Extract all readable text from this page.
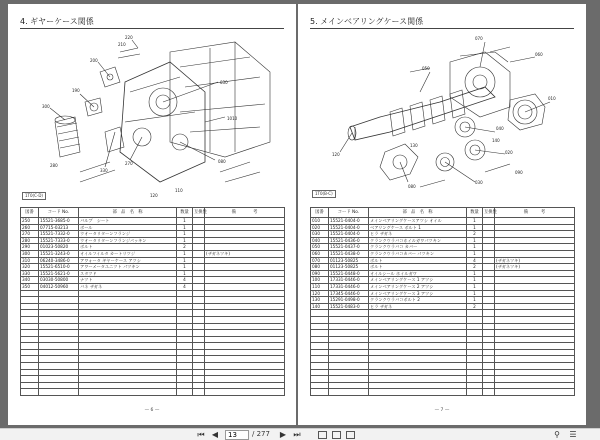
4. ギヤーケース関係
220
210
200
190
300
270	080
030
1010
330
280
110
120
1T0(C-D)
図番	コード No.	部　品　名　称	数量	互換性	備　　　　考
250	15521-3685-0	バルブ　シート	1		
260	07715-03213	ボール	1		
270	15521-7332-0	ウオータリターンフランジ	1		
280	15521-7333-0	ウオータリターンフランジパッキン	1		
290	01023-50820	ボルト	2		
300	15521-3243-0	オイルフイルタ カートリツジ	1		(ザガネツキ)
310	06240-3486-0	アワォータ ギヤーケース アツシ	1		
320	15521-6510-0	アワーメータユニツト パツキン	1		
330	15521-5621-0	スタツド	1		
340	03030-50800	ナツト	4		
350	04012-50960	バネ ザガネ	4		

— 6 —
5. メインベアリングケース関係
070
060
010
040
020
030
080
120
050
130
140
090
1T0(B-C)
図番	コード No.	部　品　名　称	数量	互換性	備　　　考
010	15521-0404-0	メインベアリングケースアツシ オイル	1		
020	15521-0404-0	ベアリングケース ボルト 1	1		
030	15521-0404-0	ヒラ ザガネ	2		
040	15521-0436-0	クランクウラバコホイルガワパツキン	1		
050	15521-0437-0	クランクウラバコ カバー	1		
060	15521-0438-0	クランクウラバコカバー パツキン	1		
070	01123-50825	ボルト	4		(ザガネツキ)
080	01123-50825	ボルト	2		(ザガネツキ)
090	15521-0448-0	オイルシール ホイルガワ	1		
100	17331-0446-0	メインベアリングケース 1 アツシ	1		
110	17331-0446-0	メインベアリングケース 2 アツシ	1		
120	17345-0446-0	メインベアリングケース 3 アツシ	1		
130	15291-0498-0	クランクウラバコボルト 2	1		
140	15521-0483-0	ヒラ ザガネ	2		

— 7 —
⏮ ◀
13	/ 277	▶ ⏭	⚲ ☰
